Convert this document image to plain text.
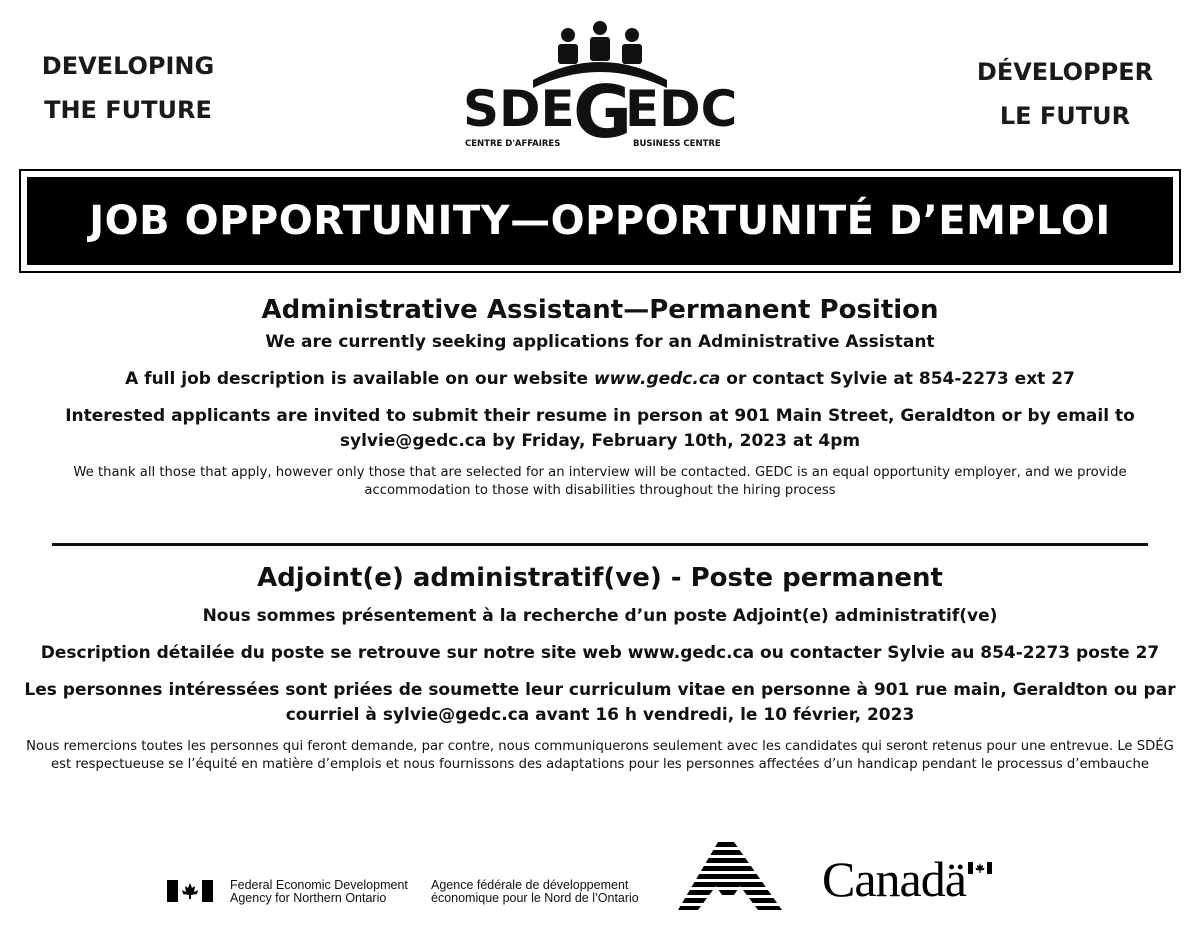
DEVELOPING
THE FUTURE
DÉVELOPPER
LE FUTUR
SDE
G
EDC
CENTRE D'AFFAIRES	BUSINESS CENTRE
JOB OPPORTUNITY—OPPORTUNITÉ D’EMPLOI
Administrative Assistant—Permanent Position

We are currently seeking applications for an Administrative Assistant

A full job description is available on our website www.gedc.ca or contact Sylvie at 854-2273 ext 27

Interested applicants are invited to submit their resume in person at 901 Main Street, Geraldton or by email to sylvie@gedc.ca by Friday, February 10th, 2023 at 4pm

We thank all those that apply, however only those that are selected for an interview will be contacted. GEDC is an equal opportunity employer, and we provide accommodation to those with disabilities throughout the hiring process

Adjoint(e) administratif(ve) - Poste permanent

Nous sommes présentement à la recherche d’un poste Adjoint(e) administratif(ve)

Description détailée du poste se retrouve sur notre site web www.gedc.ca ou contacter Sylvie au 854-2273 poste 27

Les personnes intéressées sont priées de soumette leur curriculum vitae en personne à 901 rue main, Geraldton ou par courriel à sylvie@gedc.ca avant 16 h vendredi, le 10 février, 2023

Nous remercions toutes les personnes qui feront demande, par contre, nous communiquerons seulement avec les candidates qui seront retenus pour une entrevue. Le SDÉG est respectueuse se l’équité en matière d’emplois et nous fournissons des adaptations pour les personnes affectées d’un handicap pendant le processus d’embauche

Federal Economic Development
Agency for Northern Ontario
Agence fédérale de développement
économique pour le Nord de l’Ontario	Canadä
